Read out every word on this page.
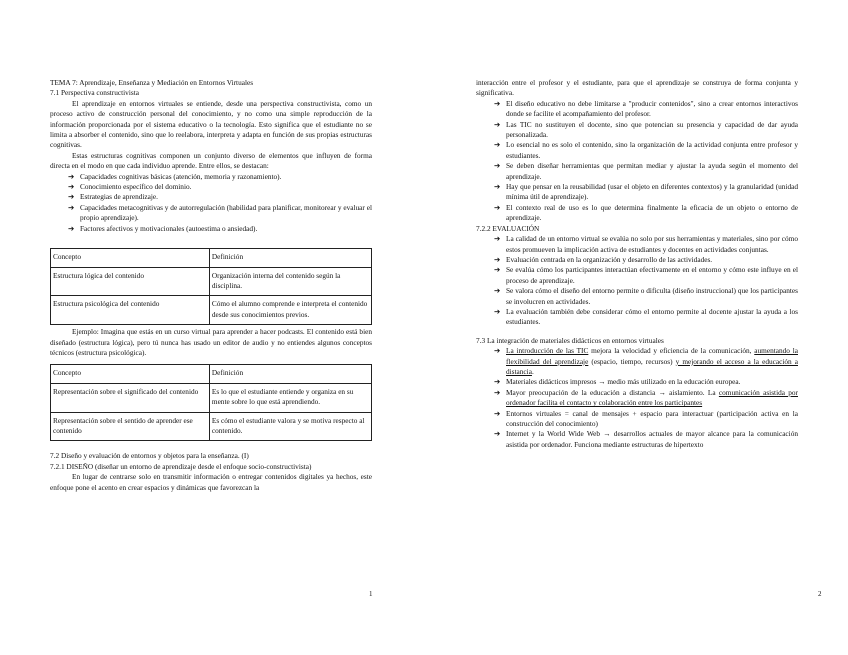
TEMA 7: Aprendizaje, Enseñanza y Mediación en Entornos Virtuales
7.1 Perspectiva constructivista

El aprendizaje en entornos virtuales se entiende, desde una perspectiva constructivista, como un proceso activo de construcción personal del conocimiento, y no como una simple reproducción de la información proporcionada por el sistema educativo o la tecnología. Esto significa que el estudiante no se limita a absorber el contenido, sino que lo reelabora, interpreta y adapta en función de sus propias estructuras cognitivas.

Estas estructuras cognitivas componen un conjunto diverso de elementos que influyen de forma directa en el modo en que cada individuo aprende. Entre ellos, se destacan:

➔ Capacidades cognitivas básicas (atención, memoria y razonamiento).
➔ Conocimiento específico del dominio.
➔ Estrategias de aprendizaje.
➔ Capacidades metacognitivas y de autorregulación (habilidad para planificar, monitorear y evaluar el propio aprendizaje).
➔ Factores afectivos y motivacionales (autoestima o ansiedad).
Concepto	Definición
Estructura lógica del contenido	Organización interna del contenido según la disciplina.
Estructura psicológica del contenido	Cómo el alumno comprende e interpreta el contenido desde sus conocimientos previos.

Ejemplo: Imagina que estás en un curso virtual para aprender a hacer podcasts. El contenido está bien diseñado (estructura lógica), pero tú nunca has usado un editor de audio y no entiendes algunos conceptos técnicos (estructura psicológica).

Concepto	Definición
Representación sobre el significado del contenido	Es lo que el estudiante entiende y organiza en su mente sobre lo que está aprendiendo.
Representación sobre el sentido de aprender ese contenido	Es cómo el estudiante valora y se motiva respecto al contenido.
7.2 Diseño y evaluación de entornos y objetos para la enseñanza. (I)
7.2.1 DISEÑO (diseñar un entorno de aprendizaje desde el enfoque socio-constructivista)

En lugar de centrarse solo en transmitir información o entregar contenidos digitales ya hechos, este enfoque pone el acento en crear espacios y dinámicas que favorezcan la

1

interacción entre el profesor y el estudiante, para que el aprendizaje se construya de forma conjunta y significativa.

➔ El diseño educativo no debe limitarse a "producir contenidos", sino a crear entornos interactivos donde se facilite el acompañamiento del profesor.
➔ Las TIC no sustituyen el docente, sino que potencian su presencia y capacidad de dar ayuda personalizada.
➔ Lo esencial no es solo el contenido, sino la organización de la actividad conjunta entre profesor y estudiantes.
➔ Se deben diseñar herramientas que permitan mediar y ajustar la ayuda según el momento del aprendizaje.
➔ Hay que pensar en la reusabilidad (usar el objeto en diferentes contextos) y la granularidad (unidad mínima útil de aprendizaje).
➔ El contexto real de uso es lo que determina finalmente la eficacia de un objeto o entorno de aprendizaje.
7.2.2 EVALUACIÓN
➔ La calidad de un entorno virtual se evalúa no solo por sus herramientas y materiales, sino por cómo estos promueven la implicación activa de estudiantes y docentes en actividades conjuntas.
➔ Evaluación centrada en la organización y desarrollo de las actividades.
➔ Se evalúa cómo los participantes interactúan efectivamente en el entorno y cómo este influye en el proceso de aprendizaje.
➔ Se valora cómo el diseño del entorno permite o dificulta (diseño instruccional) que los participantes se involucren en actividades.
➔ La evaluación también debe considerar cómo el entorno permite al docente ajustar la ayuda a los estudiantes.
7.3 La integración de materiales didácticos en entornos virtuales
➔ La introducción de las TIC mejora la velocidad y eficiencia de la comunicación, aumentando la flexibilidad del aprendizaje (espacio, tiempo, recursos) y mejorando el acceso a la educación a distancia.
➔ Materiales didácticos impresos → medio más utilizado en la educación europea.
➔ Mayor preocupación de la educación a distancia → aislamiento. La comunicación asistida por ordenador facilita el contacto y colaboración entre los participantes
➔ Entornos virtuales = canal de mensajes + espacio para interactuar (participación activa en la construcción del conocimiento)
➔ Internet y la World Wide Web → desarrollos actuales de mayor alcance para la comunicación asistida por ordenador. Funciona mediante estructuras de hipertexto
2
